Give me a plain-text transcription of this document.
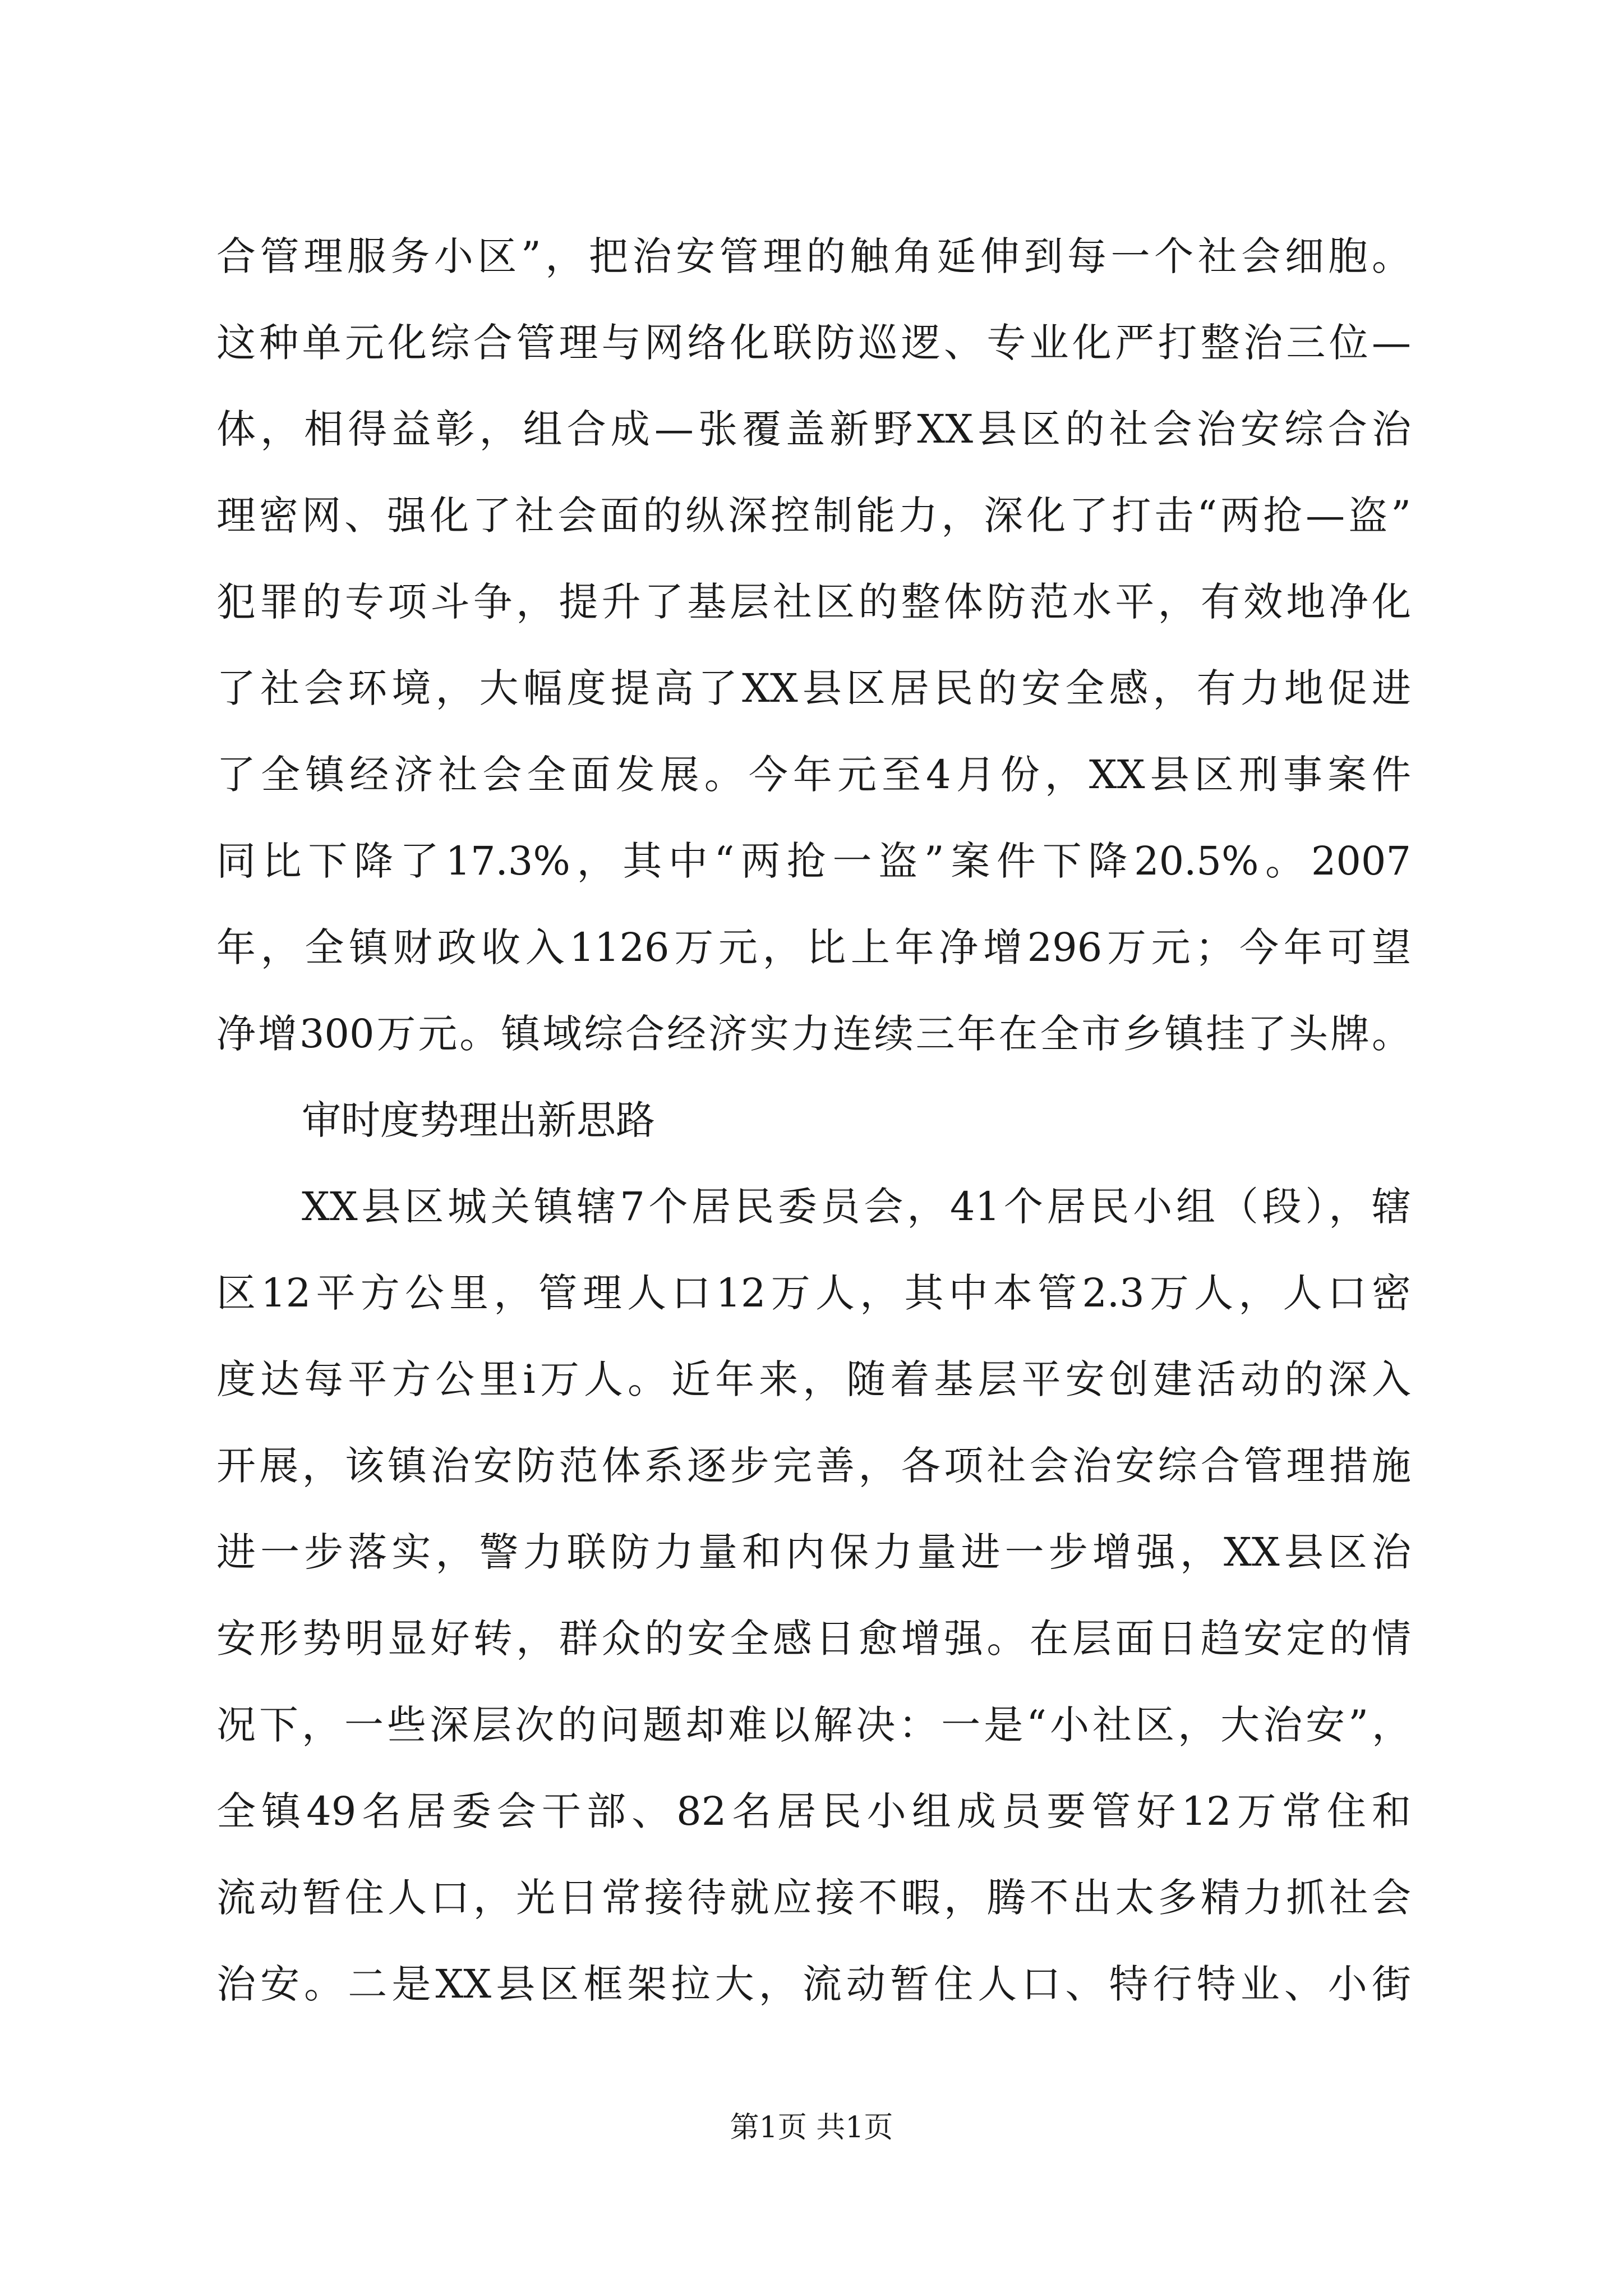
合管理服务小区”，把治安管理的触角延伸到每一个社会细胞。
这种单元化综合管理与网络化联防巡逻、专业化严打整治三位—
体，相得益彰，组合成—张覆盖新野XX县区的社会治安综合治
理密网、强化了社会面的纵深控制能力，深化了打击“两抢—盗”
犯罪的专项斗争，提升了基层社区的整体防范水平，有效地净化
了社会环境，大幅度提高了XX县区居民的安全感，有力地促进
了全镇经济社会全面发展。今年元至4月份，XX县区刑事案件
同比下降了17.3%，其中“两抢一盗”案件下降20.5%。2007
年，全镇财政收入1126万元，比上年净增296万元；今年可望
净增300万元。镇域综合经济实力连续三年在全市乡镇挂了头牌。
审时度势理出新思路
XX县区城关镇辖7个居民委员会，41个居民小组（段），辖
区12平方公里，管理人口12万人，其中本管2.3万人，人口密
度达每平方公里i万人。近年来，随着基层平安创建活动的深入
开展，该镇治安防范体系逐步完善，各项社会治安综合管理措施
进一步落实，警力联防力量和内保力量进一步增强，XX县区治
安形势明显好转，群众的安全感日愈增强。在层面日趋安定的情
况下，一些深层次的问题却难以解决：一是“小社区，大治安”，
全镇49名居委会干部、82名居民小组成员要管好12万常住和
流动暂住人口，光日常接待就应接不暇，腾不出太多精力抓社会
治安。二是XX县区框架拉大，流动暂住人口、特行特业、小街
第1页 共1页
